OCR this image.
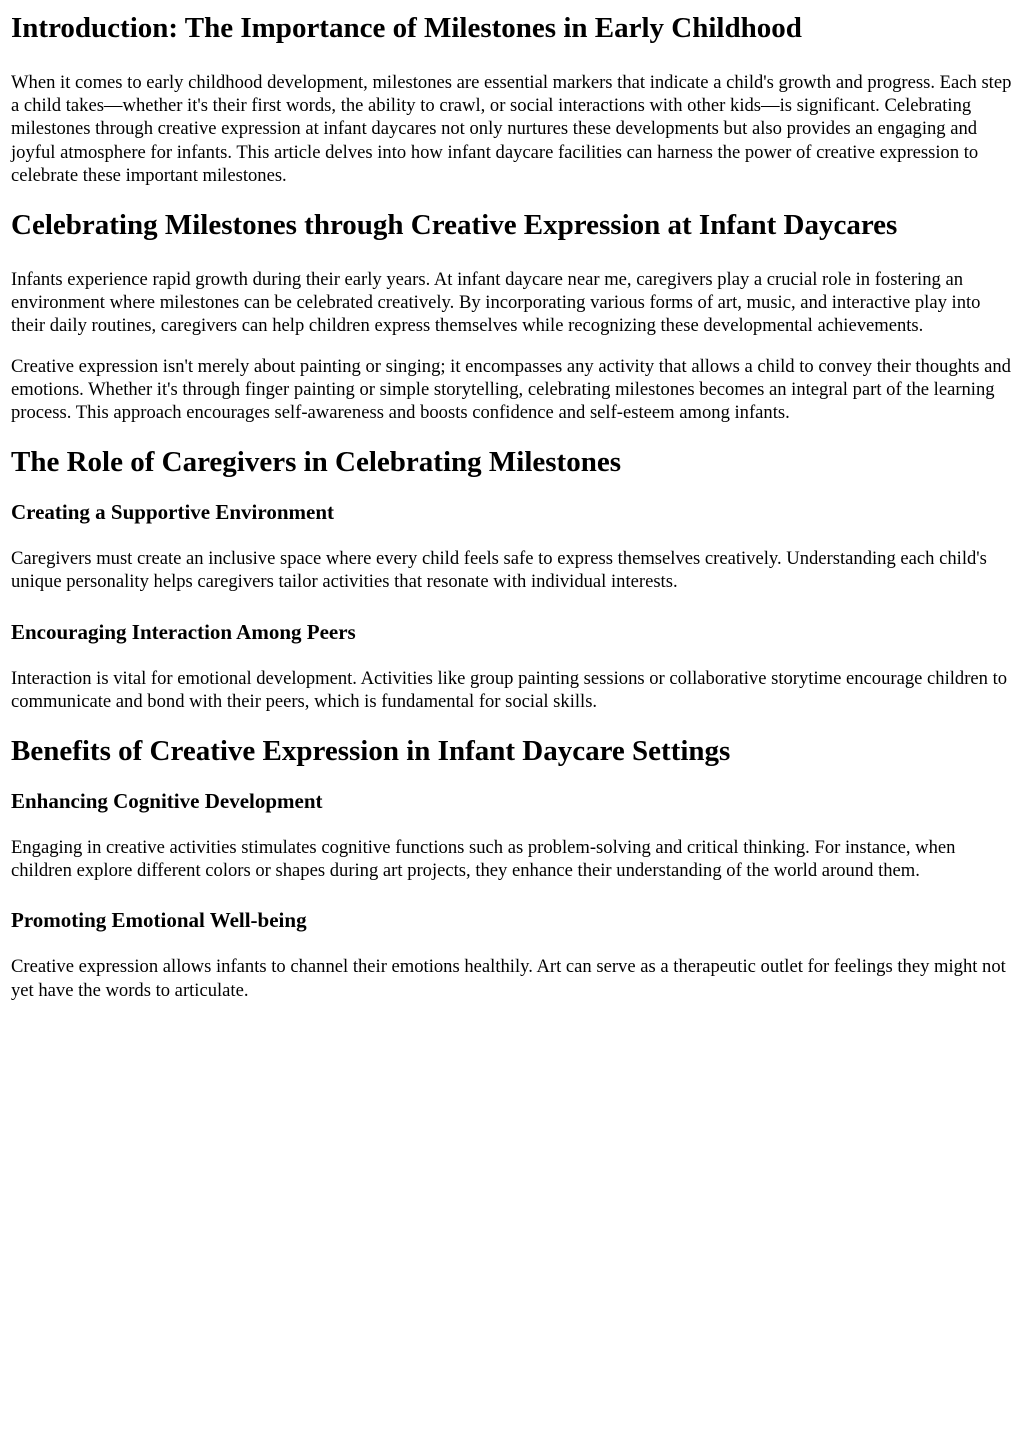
Introduction: The Importance of Milestones in Early Childhood

When it comes to early childhood development, milestones are essential markers that indicate a child's growth and progress. Each step a child takes—whether it's their first words, the ability to crawl, or social interactions with other kids—is significant. Celebrating milestones through creative expression at infant daycares not only nurtures these developments but also provides an engaging and joyful atmosphere for infants. This article delves into how infant daycare facilities can harness the power of creative expression to celebrate these important milestones.

Celebrating Milestones through Creative Expression at Infant Daycares

Infants experience rapid growth during their early years. At infant daycare near me, caregivers play a crucial role in fostering an environment where milestones can be celebrated creatively. By incorporating various forms of art, music, and interactive play into their daily routines, caregivers can help children express themselves while recognizing these developmental achievements.

Creative expression isn't merely about painting or singing; it encompasses any activity that allows a child to convey their thoughts and emotions. Whether it's through finger painting or simple storytelling, celebrating milestones becomes an integral part of the learning process. This approach encourages self-awareness and boosts confidence and self-esteem among infants.

The Role of Caregivers in Celebrating Milestones
Creating a Supportive Environment

Caregivers must create an inclusive space where every child feels safe to express themselves creatively. Understanding each child's unique personality helps caregivers tailor activities that resonate with individual interests.

Encouraging Interaction Among Peers

Interaction is vital for emotional development. Activities like group painting sessions or collaborative storytime encourage children to communicate and bond with their peers, which is fundamental for social skills.

Benefits of Creative Expression in Infant Daycare Settings
Enhancing Cognitive Development

Engaging in creative activities stimulates cognitive functions such as problem-solving and critical thinking. For instance, when children explore different colors or shapes during art projects, they enhance their understanding of the world around them.

Promoting Emotional Well-being

Creative expression allows infants to channel their emotions healthily. Art can serve as a therapeutic outlet for feelings they might not yet have the words to articulate.
